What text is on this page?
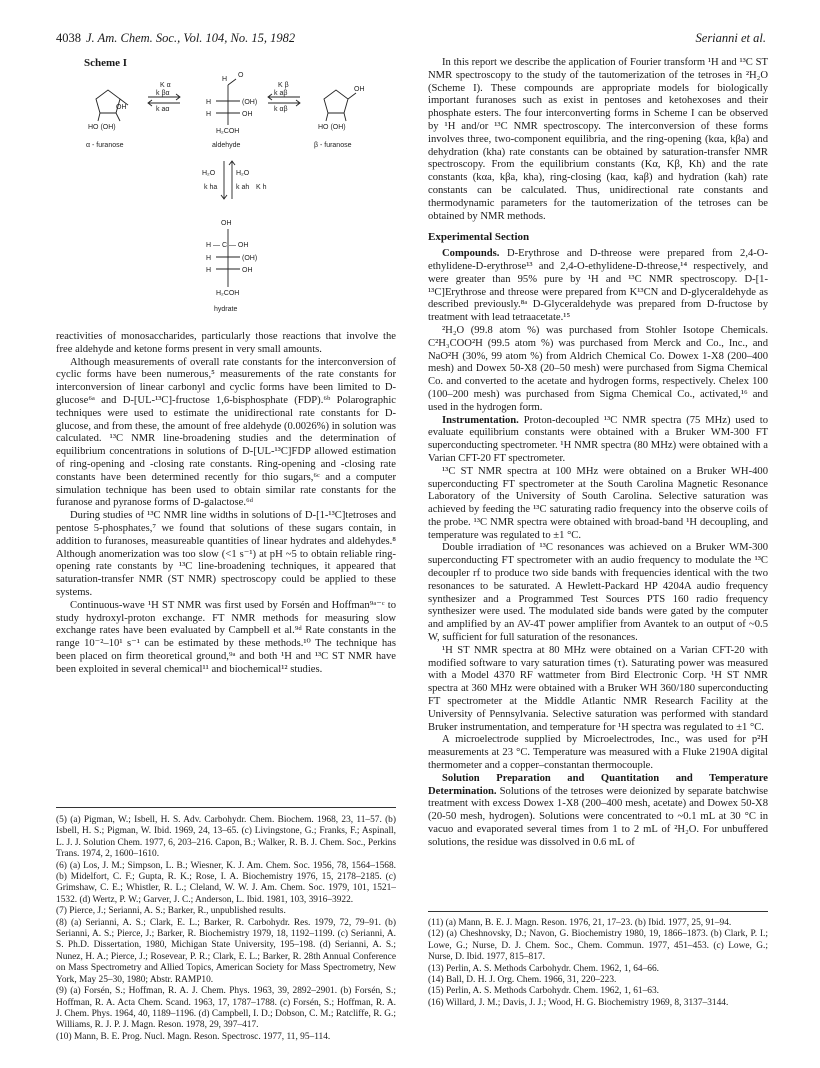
4038 J. Am. Chem. Soc., Vol. 104, No. 15, 1982	Serianni et al.
Scheme I
OH
HO (OH)
α - furanose
K α
k βα
k aα
H
O
H	(OH)
H	OH
H₂COH
aldehyde
K β
k aβ
k αβ
OH
HO (OH)
β - furanose
H₂O	H₂O
k ha	k ah K h
OH
H — C — OH
H	(OH)
H	OH
H₂COH
hydrate

reactivities of monosaccharides, particularly those reactions that involve the free aldehyde and ketone forms present in very small amounts.

Although measurements of overall rate constants for the interconversion of cyclic forms have been numerous,⁵ measurements of the rate constants for interconversion of linear carbonyl and cyclic forms have been limited to D-glucose⁶ᵃ and D-[UL-¹³C]-fructose 1,6-bisphosphate (FDP).⁶ᵇ Polarographic techniques were used to estimate the unidirectional rate constants for D-glucose, and from these, the amount of free aldehyde (0.0026%) in solution was calculated. ¹³C NMR line-broadening studies and the determination of equilibrium concentrations in solutions of D-[UL-¹³C]FDP allowed estimation of ring-opening and -closing rate constants. Ring-opening and -closing rate constants have been determined recently for thio sugars,⁶ᶜ and a computer simulation technique has been used to obtain similar rate constants for the furanose and pyranose forms of D-galactose.⁶ᵈ

During studies of ¹³C NMR line widths in solutions of D-[1-¹³C]tetroses and pentose 5-phosphates,⁷ we found that solutions of these sugars contain, in addition to furanoses, measureable quantities of linear hydrates and aldehydes.⁸ Although anomerization was too slow (<1 s⁻¹) at pH ~5 to obtain reliable ring-opening rate constants by ¹³C line-broadening techniques, it appeared that saturation-transfer NMR (ST NMR) spectroscopy could be applied to these systems.

Continuous-wave ¹H ST NMR was first used by Forsén and Hoffman⁹ᵃ⁻ᶜ to study hydroxyl-proton exchange. FT NMR methods for measuring slow exchange rates have been evaluated by Campbell et al.⁹ᵈ Rate constants in the range 10⁻²–10¹ s⁻¹ can be estimated by these methods.¹⁰ The technique has been placed on firm theoretical ground,⁹ᵃ and both ¹H and ¹³C ST NMR have been exploited in several chemical¹¹ and biochemical¹² studies.

(5) (a) Pigman, W.; Isbell, H. S. Adv. Carbohydr. Chem. Biochem. 1968, 23, 11–57. (b) Isbell, H. S.; Pigman, W. Ibid. 1969, 24, 13–65. (c) Livingstone, G.; Franks, F.; Aspinall, L. J. J. Solution Chem. 1977, 6, 203–216. Capon, B.; Walker, R. B. J. Chem. Soc., Perkins Trans. 1974, 2, 1600–1610.

(6) (a) Los, J. M.; Simpson, L. B.; Wiesner, K. J. Am. Chem. Soc. 1956, 78, 1564–1568. (b) Midelfort, C. F.; Gupta, R. K.; Rose, I. A. Biochemistry 1976, 15, 2178–2185. (c) Grimshaw, C. E.; Whistler, R. L.; Cleland, W. W. J. Am. Chem. Soc. 1979, 101, 1521–1532. (d) Wertz, P. W.; Garver, J. C.; Anderson, L. Ibid. 1981, 103, 3916–3922.

(7) Pierce, J.; Serianni, A. S.; Barker, R., unpublished results.

(8) (a) Serianni, A. S.; Clark, E. L.; Barker, R. Carbohydr. Res. 1979, 72, 79–91. (b) Serianni, A. S.; Pierce, J.; Barker, R. Biochemistry 1979, 18, 1192–1199. (c) Serianni, A. S. Ph.D. Dissertation, 1980, Michigan State University, 195–198. (d) Serianni, A. S.; Nunez, H. A.; Pierce, J.; Rosevear, P. R.; Clark, E. L.; Barker, R. 28th Annual Conference on Mass Spectrometry and Allied Topics, American Society for Mass Spectrometry, New York, May 25–30, 1980; Abstr. RAMP10.

(9) (a) Forsén, S.; Hoffman, R. A. J. Chem. Phys. 1963, 39, 2892–2901. (b) Forsén, S.; Hoffman, R. A. Acta Chem. Scand. 1963, 17, 1787–1788. (c) Forsén, S.; Hoffman, R. A. J. Chem. Phys. 1964, 40, 1189–1196. (d) Campbell, I. D.; Dobson, C. M.; Ratcliffe, R. G.; Williams, R. J. P. J. Magn. Reson. 1978, 29, 397–417.

(10) Mann, B. E. Prog. Nucl. Magn. Reson. Spectrosc. 1977, 11, 95–114.

In this report we describe the application of Fourier transform ¹H and ¹³C ST NMR spectroscopy to the study of the tautomerization of the tetroses in ²H₂O (Scheme I). These compounds are appropriate models for biologically important furanoses such as exist in pentoses and ketohexoses and their phosphate esters. The four interconverting forms in Scheme I can be observed by ¹H and/or ¹³C NMR spectroscopy. The interconversion of these forms involves three, two-component equilibria, and the ring-opening (kαa, kβa) and dehydration (kha) rate constants can be obtained by saturation-transfer NMR spectroscopy. From the equilibrium constants (Kα, Kβ, Kh) and the rate constants (kαa, kβa, kha), ring-closing (kaα, kaβ) and hydration (kah) rate constants can be calculated. Thus, unidirectional rate constants and thermodynamic parameters for the tautomerization of the tetroses can be obtained by NMR methods.

Experimental Section

Compounds. D-Erythrose and D-threose were prepared from 2,4-O-ethylidene-D-erythrose¹³ and 2,4-O-ethylidene-D-threose,¹⁴ respectively, and were greater than 95% pure by ¹H and ¹³C NMR spectroscopy. D-[1-¹³C]Erythrose and threose were prepared from K¹³CN and D-glyceraldehyde as described previously.⁸ᵃ D-Glyceraldehyde was prepared from D-fructose by treatment with lead tetraacetate.¹⁵

²H₂O (99.8 atom %) was purchased from Stohler Isotope Chemicals. C²H₃COO²H (99.5 atom %) was purchased from Merck and Co., Inc., and NaO²H (30%, 99 atom %) from Aldrich Chemical Co. Dowex 1-X8 (200–400 mesh) and Dowex 50-X8 (20–50 mesh) were purchased from Sigma Chemical Co. and converted to the acetate and hydrogen forms, respectively. Chelex 100 (100–200 mesh) was purchased from Sigma Chemical Co., activated,¹⁶ and used in the hydrogen form.

Instrumentation. Proton-decoupled ¹³C NMR spectra (75 MHz) used to evaluate equilibrium constants were obtained with a Bruker WM-300 FT superconducting spectrometer. ¹H NMR spectra (80 MHz) were obtained with a Varian CFT-20 FT spectrometer.

¹³C ST NMR spectra at 100 MHz were obtained on a Bruker WH-400 superconducting FT spectrometer at the South Carolina Magnetic Resonance Laboratory of the University of South Carolina. Selective saturation was achieved by feeding the ¹³C saturating radio frequency into the observe coils of the probe. ¹³C NMR spectra were obtained with broad-band ¹H decoupling, and temperature was regulated to ±1 °C.

Double irradiation of ¹³C resonances was achieved on a Bruker WM-300 superconducting FT spectrometer with an audio frequency to modulate the ¹³C decoupler rf to produce two side bands with frequencies identical with the two resonances to be saturated. A Hewlett-Packard HP 4204A audio frequency synthesizer and a Programmed Test Sources PTS 160 radio frequency synthesizer were used. The modulated side bands were gated by the computer and amplified by an AV-4T power amplifier from Avantek to an output of ~0.5 W, sufficient for full saturation of the resonances.

¹H ST NMR spectra at 80 MHz were obtained on a Varian CFT-20 with modified software to vary saturation times (τ). Saturating power was measured with a Model 4370 RF wattmeter from Bird Electronic Corp. ¹H ST NMR spectra at 360 MHz were obtained with a Bruker WH 360/180 superconducting FT spectrometer at the Middle Atlantic NMR Research Facility at the University of Pennsylvania. Selective saturation was performed with standard Bruker instrumentation, and temperature for ¹H spectra was regulated to ±1 °C.

A microelectrode supplied by Microelectrodes, Inc., was used for p²H measurements at 23 °C. Temperature was measured with a Fluke 2190A digital thermometer and a copper–constantan thermocouple.

Solution Preparation and Quantitation and Temperature Determination. Solutions of the tetroses were deionized by separate batchwise treatment with excess Dowex 1-X8 (200–400 mesh, acetate) and Dowex 50-X8 (20-50 mesh, hydrogen). Solutions were concentrated to ~0.1 mL at 30 °C in vacuo and evaporated several times from 1 to 2 mL of ²H₂O. For unbuffered solutions, the residue was dissolved in 0.6 mL of

(11) (a) Mann, B. E. J. Magn. Reson. 1976, 21, 17–23. (b) Ibid. 1977, 25, 91–94.

(12) (a) Cheshnovsky, D.; Navon, G. Biochemistry 1980, 19, 1866–1873. (b) Clark, P. I.; Lowe, G.; Nurse, D. J. Chem. Soc., Chem. Commun. 1977, 451–453. (c) Lowe, G.; Nurse, D. Ibid. 1977, 815–817.

(13) Perlin, A. S. Methods Carbohydr. Chem. 1962, 1, 64–66.

(14) Ball, D. H. J. Org. Chem. 1966, 31, 220–223.

(15) Perlin, A. S. Methods Carbohydr. Chem. 1962, 1, 61–63.

(16) Willard, J. M.; Davis, J. J.; Wood, H. G. Biochemistry 1969, 8, 3137–3144.
